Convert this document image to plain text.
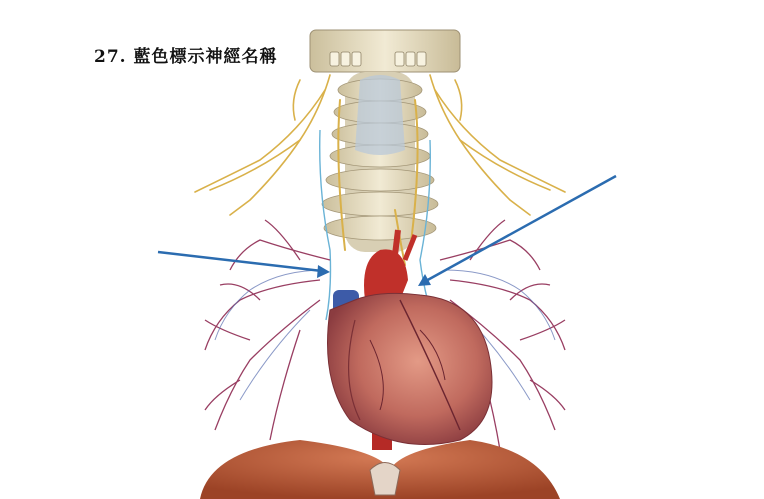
27. 藍色標示神經名稱
